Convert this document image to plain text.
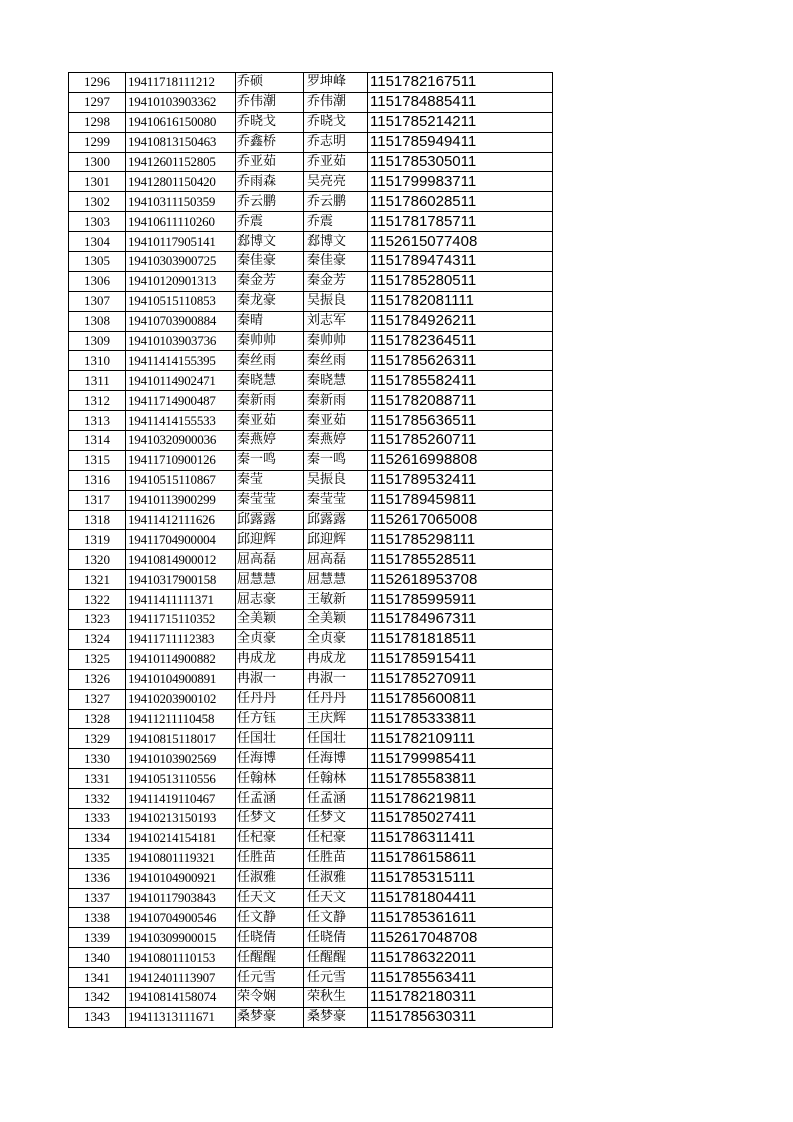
1296	19411718111212	乔硕	罗坤峰	1151782167511
1297	19410103903362	乔伟潮	乔伟潮	1151784885411
1298	19410616150080	乔晓戈	乔晓戈	1151785214211
1299	19410813150463	乔鑫桥	乔志明	1151785949411
1300	19412601152805	乔亚茹	乔亚茹	1151785305011
1301	19412801150420	乔雨森	吴亮亮	1151799983711
1302	19410311150359	乔云鹏	乔云鹏	1151786028511
1303	19410611110260	乔震	乔震	1151781785711
1304	19410117905141	郄博文	郄博文	1152615077408
1305	19410303900725	秦佳豪	秦佳豪	1151789474311
1306	19410120901313	秦金芳	秦金芳	1151785280511
1307	19410515110853	秦龙豪	吴振良	1151782081111
1308	19410703900884	秦晴	刘志军	1151784926211
1309	19410103903736	秦帅帅	秦帅帅	1151782364511
1310	19411414155395	秦丝雨	秦丝雨	1151785626311
1311	19410114902471	秦晓慧	秦晓慧	1151785582411
1312	19411714900487	秦新雨	秦新雨	1151782088711
1313	19411414155533	秦亚茹	秦亚茹	1151785636511
1314	19410320900036	秦燕婷	秦燕婷	1151785260711
1315	19411710900126	秦一鸣	秦一鸣	1152616998808
1316	19410515110867	秦莹	吴振良	1151789532411
1317	19410113900299	秦莹莹	秦莹莹	1151789459811
1318	19411412111626	邱露露	邱露露	1152617065008
1319	19411704900004	邱迎辉	邱迎辉	1151785298111
1320	19410814900012	屈高磊	屈高磊	1151785528511
1321	19410317900158	屈慧慧	屈慧慧	1152618953708
1322	19411411111371	屈志豪	王敏新	1151785995911
1323	19411715110352	全美颖	全美颖	1151784967311
1324	19411711112383	全贞豪	全贞豪	1151781818511
1325	19410114900882	冉成龙	冉成龙	1151785915411
1326	19410104900891	冉淑一	冉淑一	1151785270911
1327	19410203900102	任丹丹	任丹丹	1151785600811
1328	19411211110458	任方钰	王庆辉	1151785333811
1329	19410815118017	任国壮	任国壮	1151782109111
1330	19410103902569	任海博	任海博	1151799985411
1331	19410513110556	任翰林	任翰林	1151785583811
1332	19411419110467	任孟涵	任孟涵	1151786219811
1333	19410213150193	任梦文	任梦文	1151785027411
1334	19410214154181	任杞豪	任杞豪	1151786311411
1335	19410801119321	任胜苗	任胜苗	1151786158611
1336	19410104900921	任淑雅	任淑雅	1151785315111
1337	19410117903843	任天文	任天文	1151781804411
1338	19410704900546	任文静	任文静	1151785361611
1339	19410309900015	任晓倩	任晓倩	1152617048708
1340	19410801110153	任醒醒	任醒醒	1151786322011
1341	19412401113907	任元雪	任元雪	1151785563411
1342	19410814158074	荣令娴	荣秋生	1151782180311
1343	19411313111671	桑梦豪	桑梦豪	1151785630311
